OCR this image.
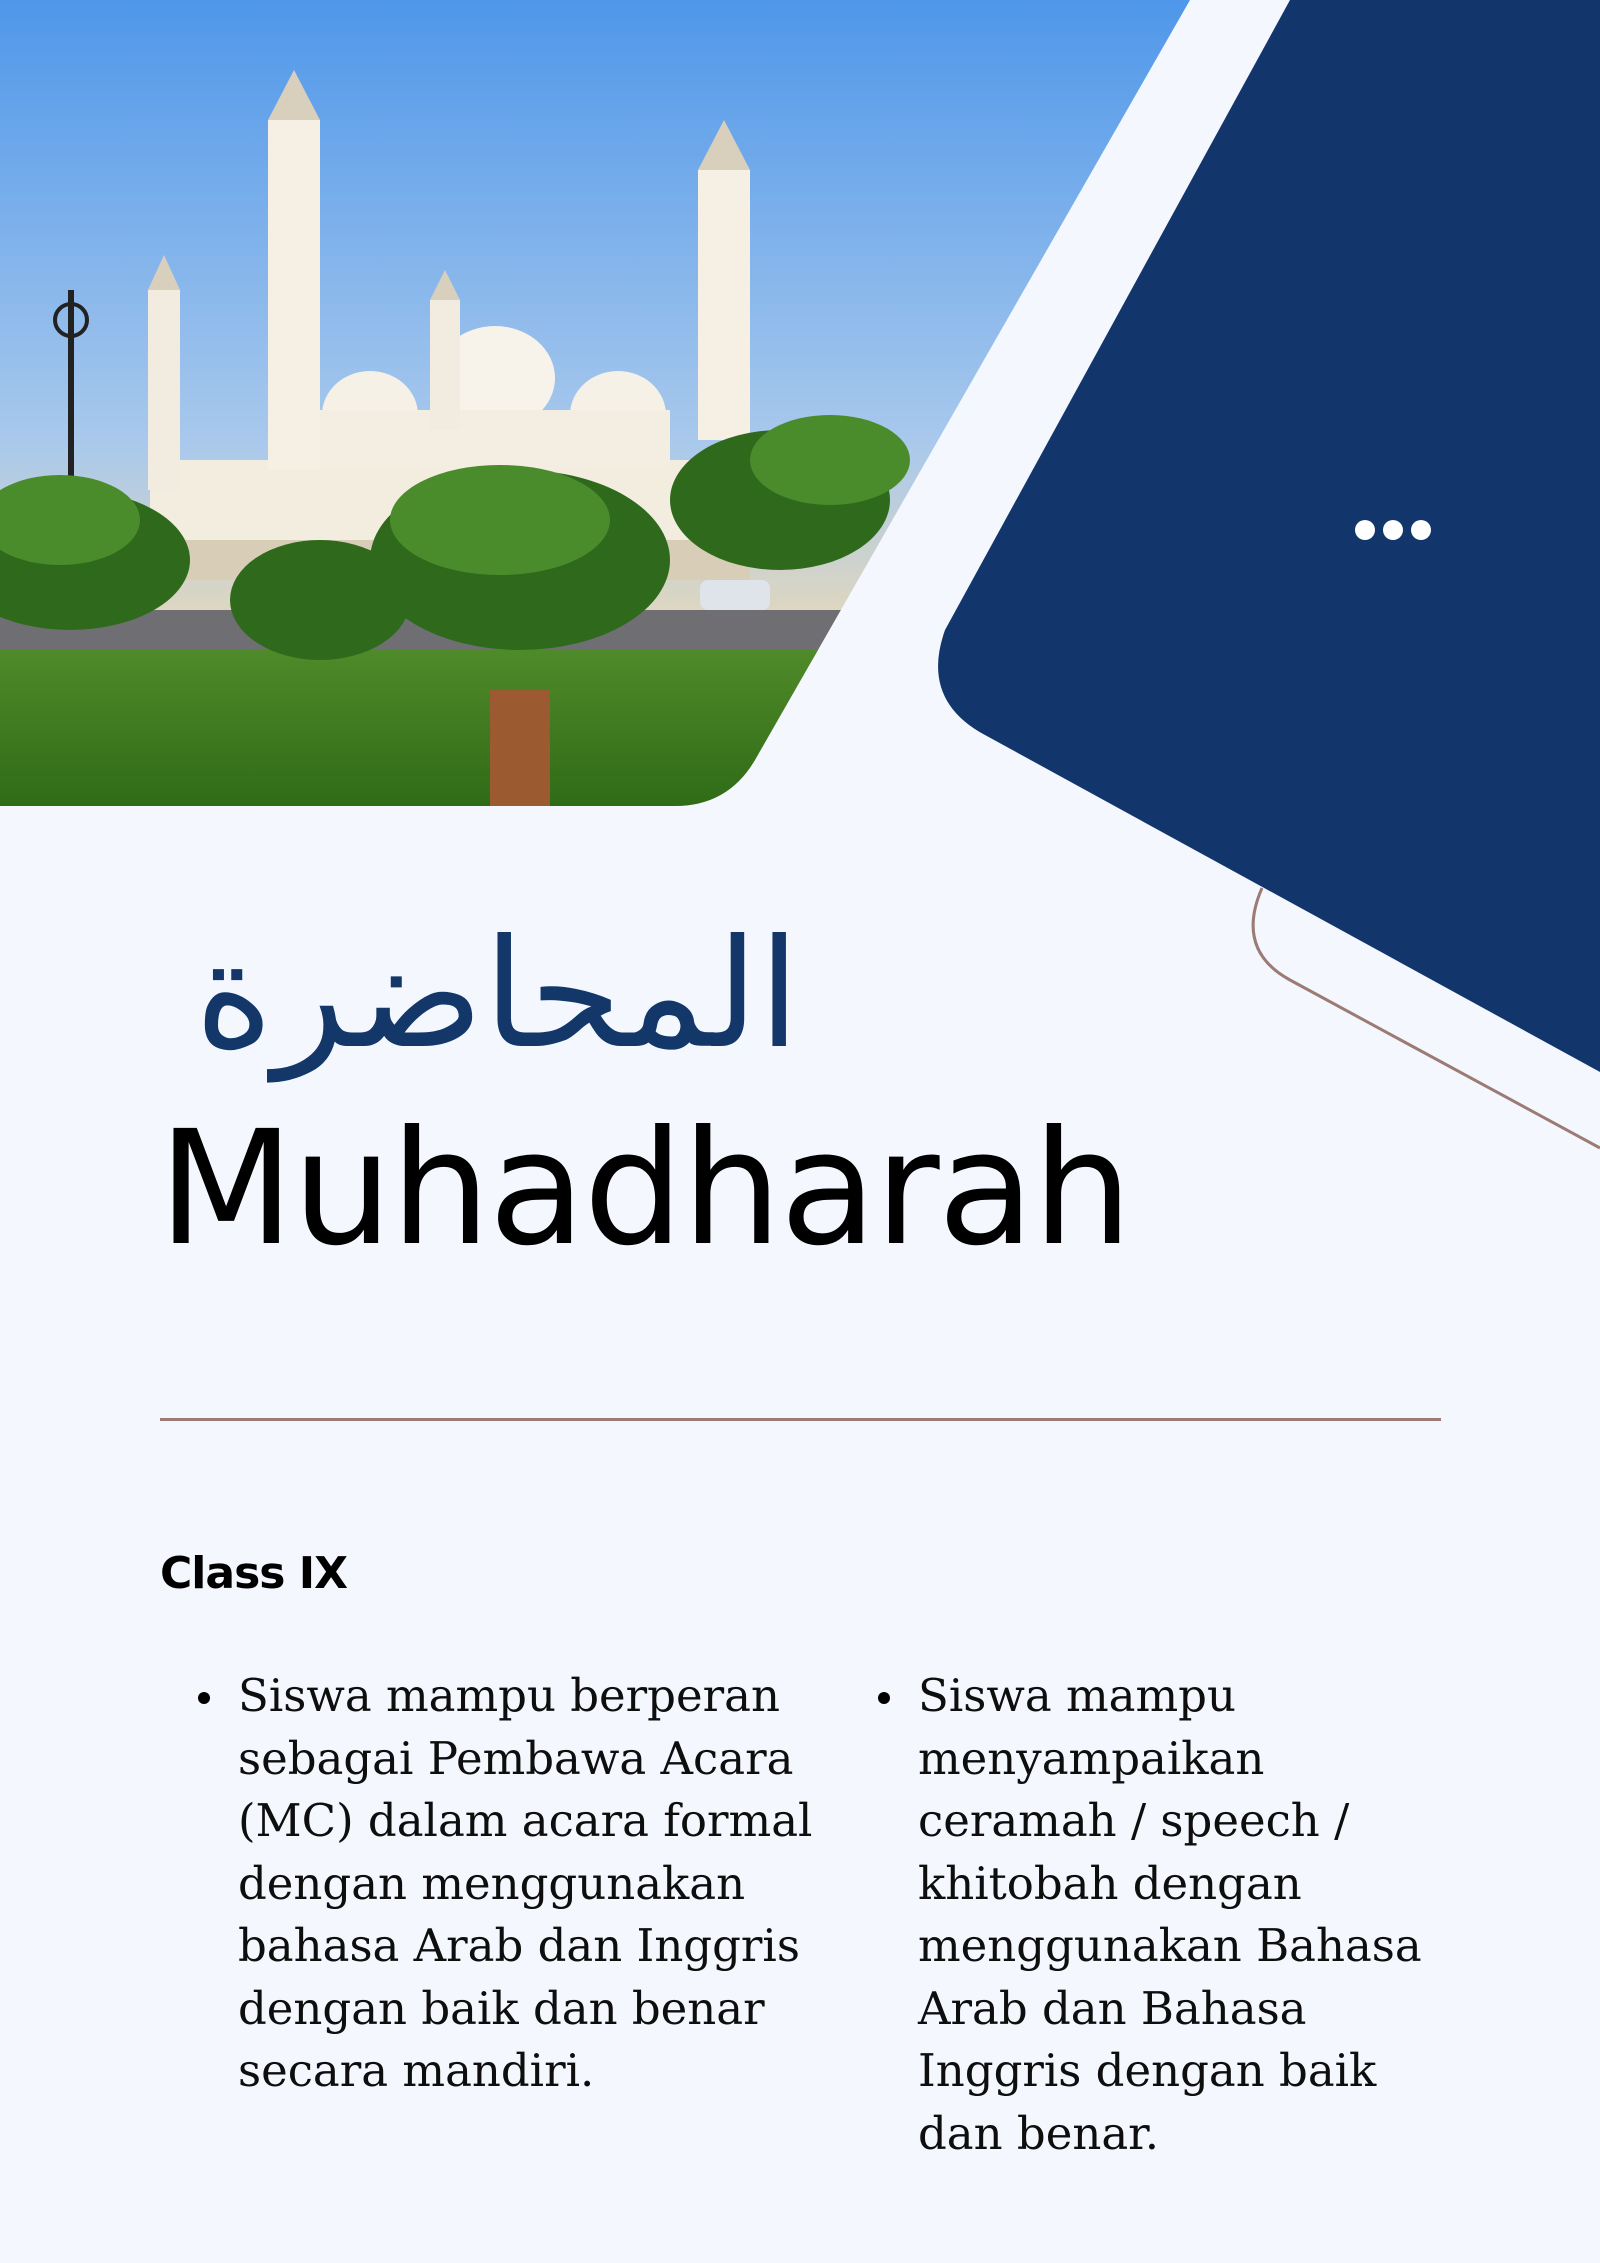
المحاضرة
Muhadharah
Class IX
Siswa mampu berperan sebagai Pembawa Acara (MC) dalam acara formal dengan menggunakan bahasa Arab dan Inggris dengan baik dan benar secara mandiri.
Siswa mampu menyampaikan ceramah / speech / khitobah dengan menggunakan Bahasa Arab dan Bahasa Inggris dengan baik dan benar.
